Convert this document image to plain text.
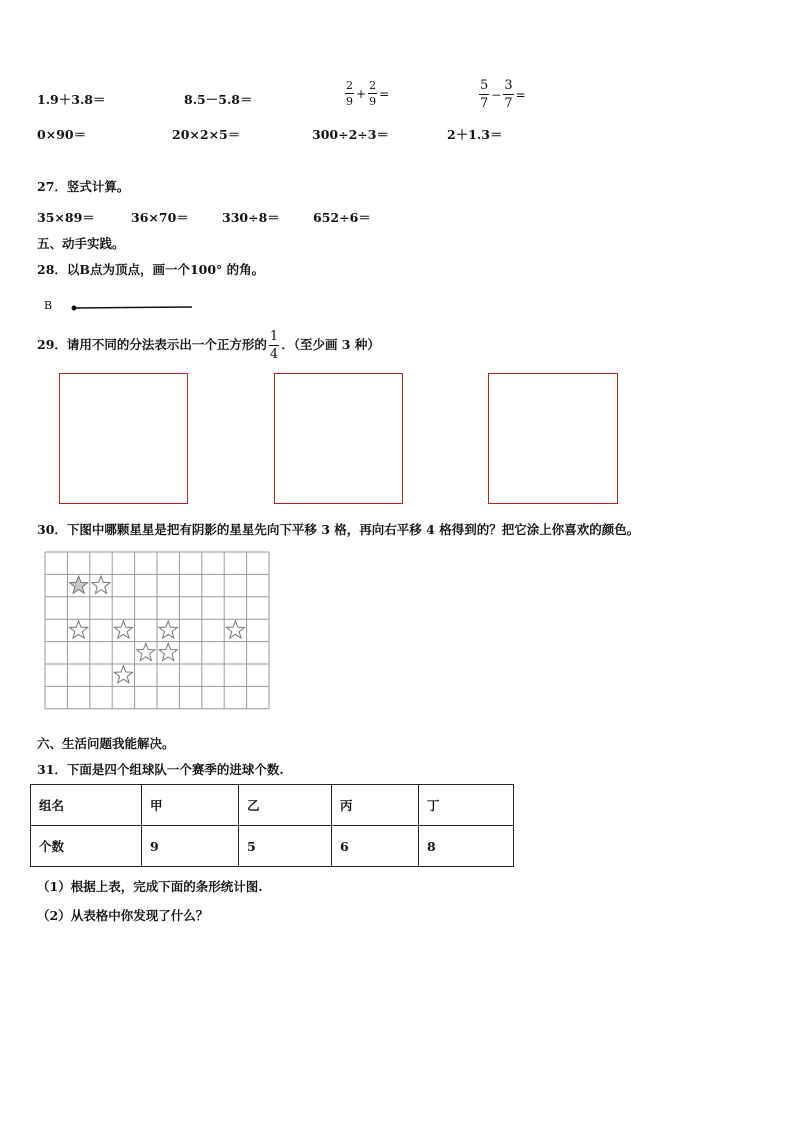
1.9＋3.8＝	8.5－5.8＝	$\frac{2}{9} + \frac{2}{9}$ =	$\frac{5}{7} - \frac{3}{7}$ =
0×90＝	20×2×5＝	300÷2÷3＝	2＋1.3＝
27．竖式计算。
35×89＝	36×70＝	330÷8＝	652÷6＝
五、动手实践。
28．以B点为顶点，画一个100° 的角。
B
29．请用不同的分法表示出一个正方形的 $\frac{1}{4}$ ．（至少画 3 种）
30．下图中哪颗星星是把有阴影的星星先向下平移 3 格，再向右平移 4 格得到的？把它涂上你喜欢的颜色。
六、生活问题我能解决。
31．下面是四个组球队一个赛季的进球个数.
组名	甲	乙	丙	丁
个数	9	5	6	8
（1）根据上表，完成下面的条形统计图.
（2）从表格中你发现了什么？
